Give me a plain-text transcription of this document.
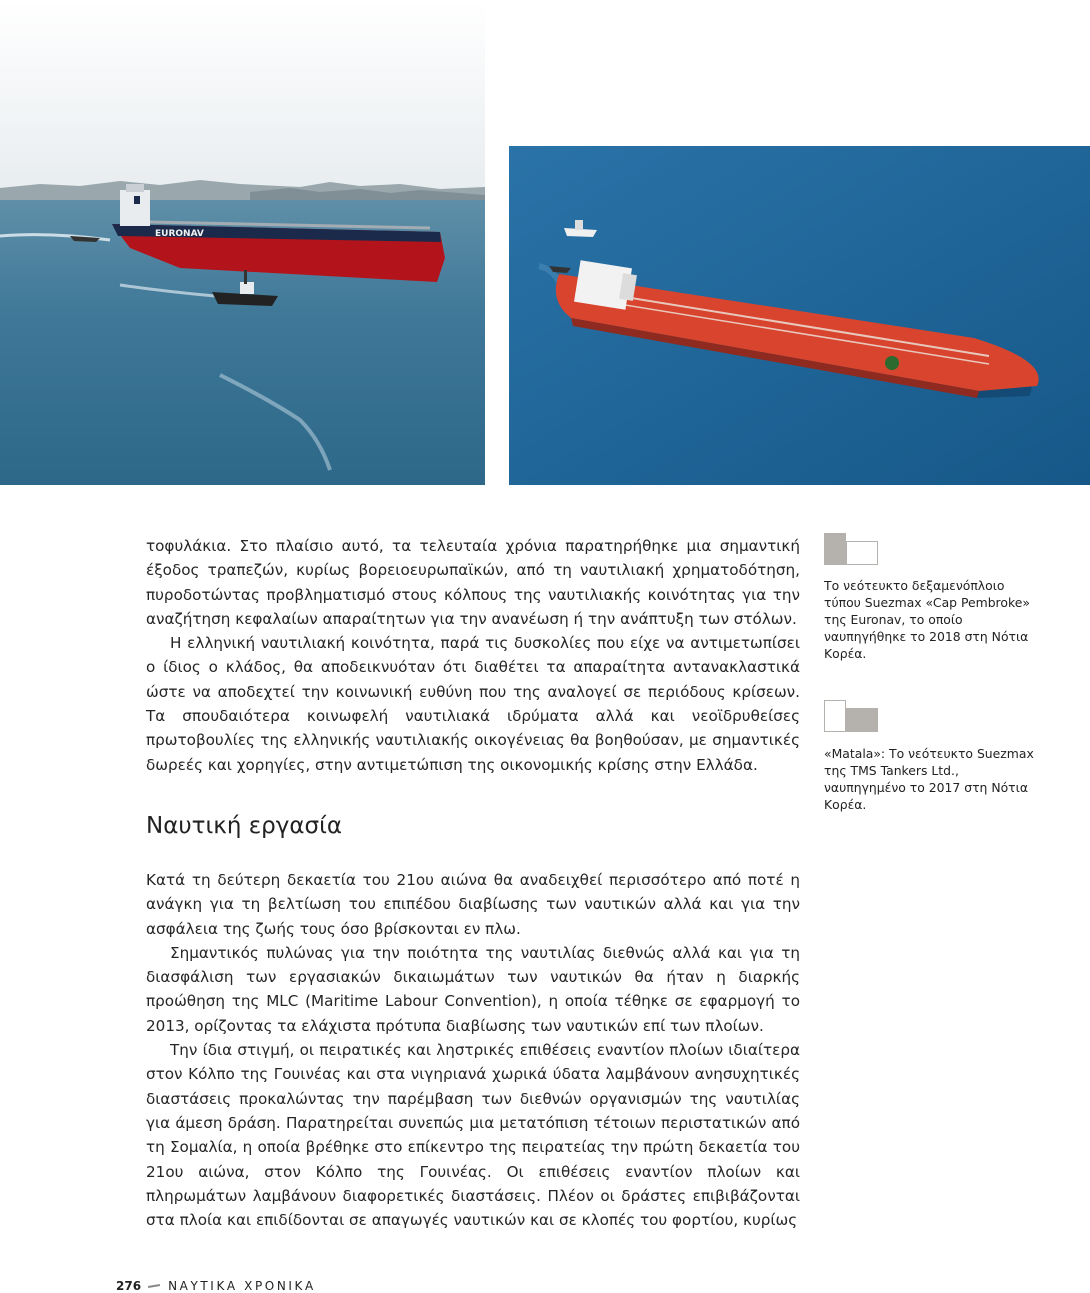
EURONAV

τοφυλάκια. Στο πλαίσιο αυτό, τα τελευταία χρόνια παρατηρήθηκε μια σημαντική έξοδος τραπεζών, κυρίως βορειοευρωπαϊκών, από τη ναυτιλιακή χρηματοδότηση, πυροδοτώντας προβληματισμό στους κόλπους της ναυτιλιακής κοινότητας για την αναζήτηση κεφαλαίων απαραίτητων για την ανανέωση ή την ανάπτυξη των στόλων.

Η ελληνική ναυτιλιακή κοινότητα, παρά τις δυσκολίες που είχε να αντιμετωπίσει ο ίδιος ο κλάδος, θα αποδεικνυόταν ότι διαθέτει τα απαραίτητα αντανακλαστικά ώστε να αποδεχτεί την κοινωνική ευθύνη που της αναλογεί σε περιόδους κρίσεων. Τα σπουδαιότερα κοινωφελή ναυτιλιακά ιδρύματα αλλά και νεοϊδρυθείσες πρωτοβουλίες της ελληνικής ναυτιλιακής οικογένειας θα βοηθούσαν, με σημαντικές δωρεές και χορηγίες, στην αντιμετώπιση της οικονομικής κρίσης στην Ελλάδα.

Ναυτική εργασία

Κατά τη δεύτερη δεκαετία του 21ου αιώνα θα αναδειχθεί περισσότερο από ποτέ η ανάγκη για τη βελτίωση του επιπέδου διαβίωσης των ναυτικών αλλά και για την ασφάλεια της ζωής τους όσο βρίσκονται εν πλω.

Σημαντικός πυλώνας για την ποιότητα της ναυτιλίας διεθνώς αλλά και για τη διασφάλιση των εργασιακών δικαιωμάτων των ναυτικών θα ήταν η διαρκής προώθηση της MLC (Maritime Labour Convention), η οποία τέθηκε σε εφαρμογή το 2013, ορίζοντας τα ελάχιστα πρότυπα διαβίωσης των ναυτικών επί των πλοίων.

Την ίδια στιγμή, οι πειρατικές και ληστρικές επιθέσεις εναντίον πλοίων ιδιαίτερα στον Κόλπο της Γουινέας και στα νιγηριανά χωρικά ύδατα λαμβάνουν ανησυχητικές διαστάσεις προκαλώντας την παρέμβαση των διεθνών οργανισμών της ναυτιλίας για άμεση δράση. Παρατηρείται συνεπώς μια μετατόπιση τέτοιων περιστατικών από τη Σομαλία, η οποία βρέθηκε στο επίκεντρο της πειρατείας την πρώτη δεκαετία του 21ου αιώνα, στον Κόλπο της Γουινέας. Οι επιθέσεις εναντίον πλοίων και πληρωμάτων λαμβάνουν διαφορετικές διαστάσεις. Πλέον οι δράστες επιβιβάζονται στα πλοία και επιδίδονται σε απαγωγές ναυτικών και σε κλοπές του φορτίου, κυρίως

Το νεότευκτο δεξαμενόπλοιο τύπου Suezmax «Cap Pembroke» της Euronav, το οποίο ναυπηγήθηκε το 2018 στη Νότια Κορέα.

«Matala»: Το νεότευκτο Suezmax της TMS Tankers Ltd., ναυπηγημένο το 2017 στη Νότια Κορέα.

276 ΝΑΥΤΙΚΑ ΧΡΟΝΙΚΑ
